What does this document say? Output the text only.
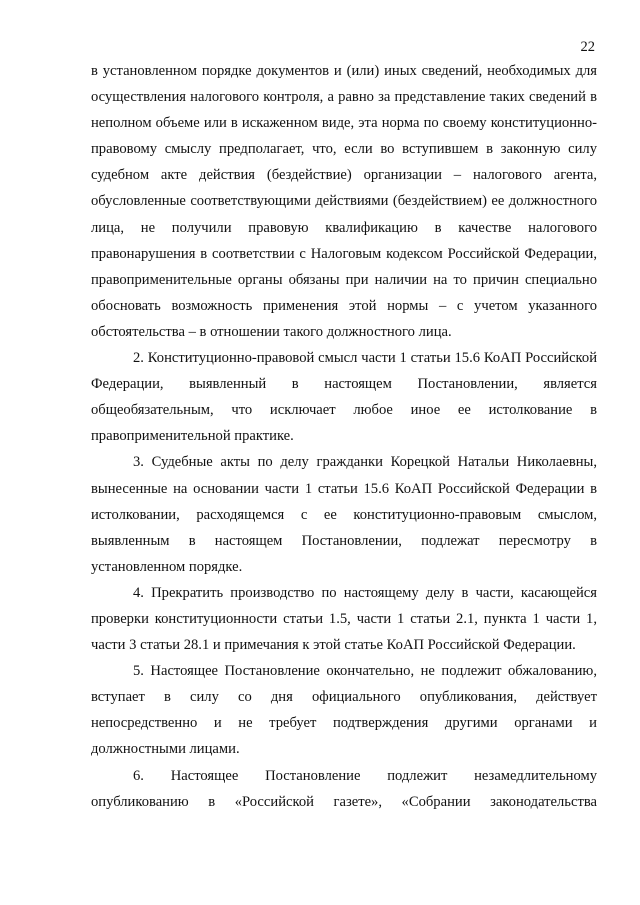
22

в установленном порядке документов и (или) иных сведений, необходимых для осуществления налогового контроля, а равно за представление таких сведений в неполном объеме или в искаженном виде, эта норма по своему конституционно-правовому смыслу предполагает, что, если во вступившем в законную силу судебном акте действия (бездействие) организации – налогового агента, обусловленные соответствующими действиями (бездействием) ее должностного лица, не получили правовую квалификацию в качестве налогового правонарушения в соответствии с Налоговым кодексом Российской Федерации, правоприменительные органы обязаны при наличии на то причин специально обосновать возможность применения этой нормы – с учетом указанного обстоятельства – в отношении такого должностного лица.

2. Конституционно-правовой смысл части 1 статьи 15.6 КоАП Российской Федерации, выявленный в настоящем Постановлении, является общеобязательным, что исключает любое иное ее истолкование в правоприменительной практике.

3. Судебные акты по делу гражданки Корецкой Натальи Николаевны, вынесенные на основании части 1 статьи 15.6 КоАП Российской Федерации в истолковании, расходящемся с ее конституционно-правовым смыслом, выявленным в настоящем Постановлении, подлежат пересмотру в установленном порядке.

4. Прекратить производство по настоящему делу в части, касающейся проверки конституционности статьи 1.5, части 1 статьи 2.1, пункта 1 части 1, части 3 статьи 28.1 и примечания к этой статье КоАП Российской Федерации.

5. Настоящее Постановление окончательно, не подлежит обжалованию, вступает в силу со дня официального опубликования, действует непосредственно и не требует подтверждения другими органами и должностными лицами.

6. Настоящее Постановление подлежит незамедлительному опубликованию в «Российской газете», «Собрании законодательства
